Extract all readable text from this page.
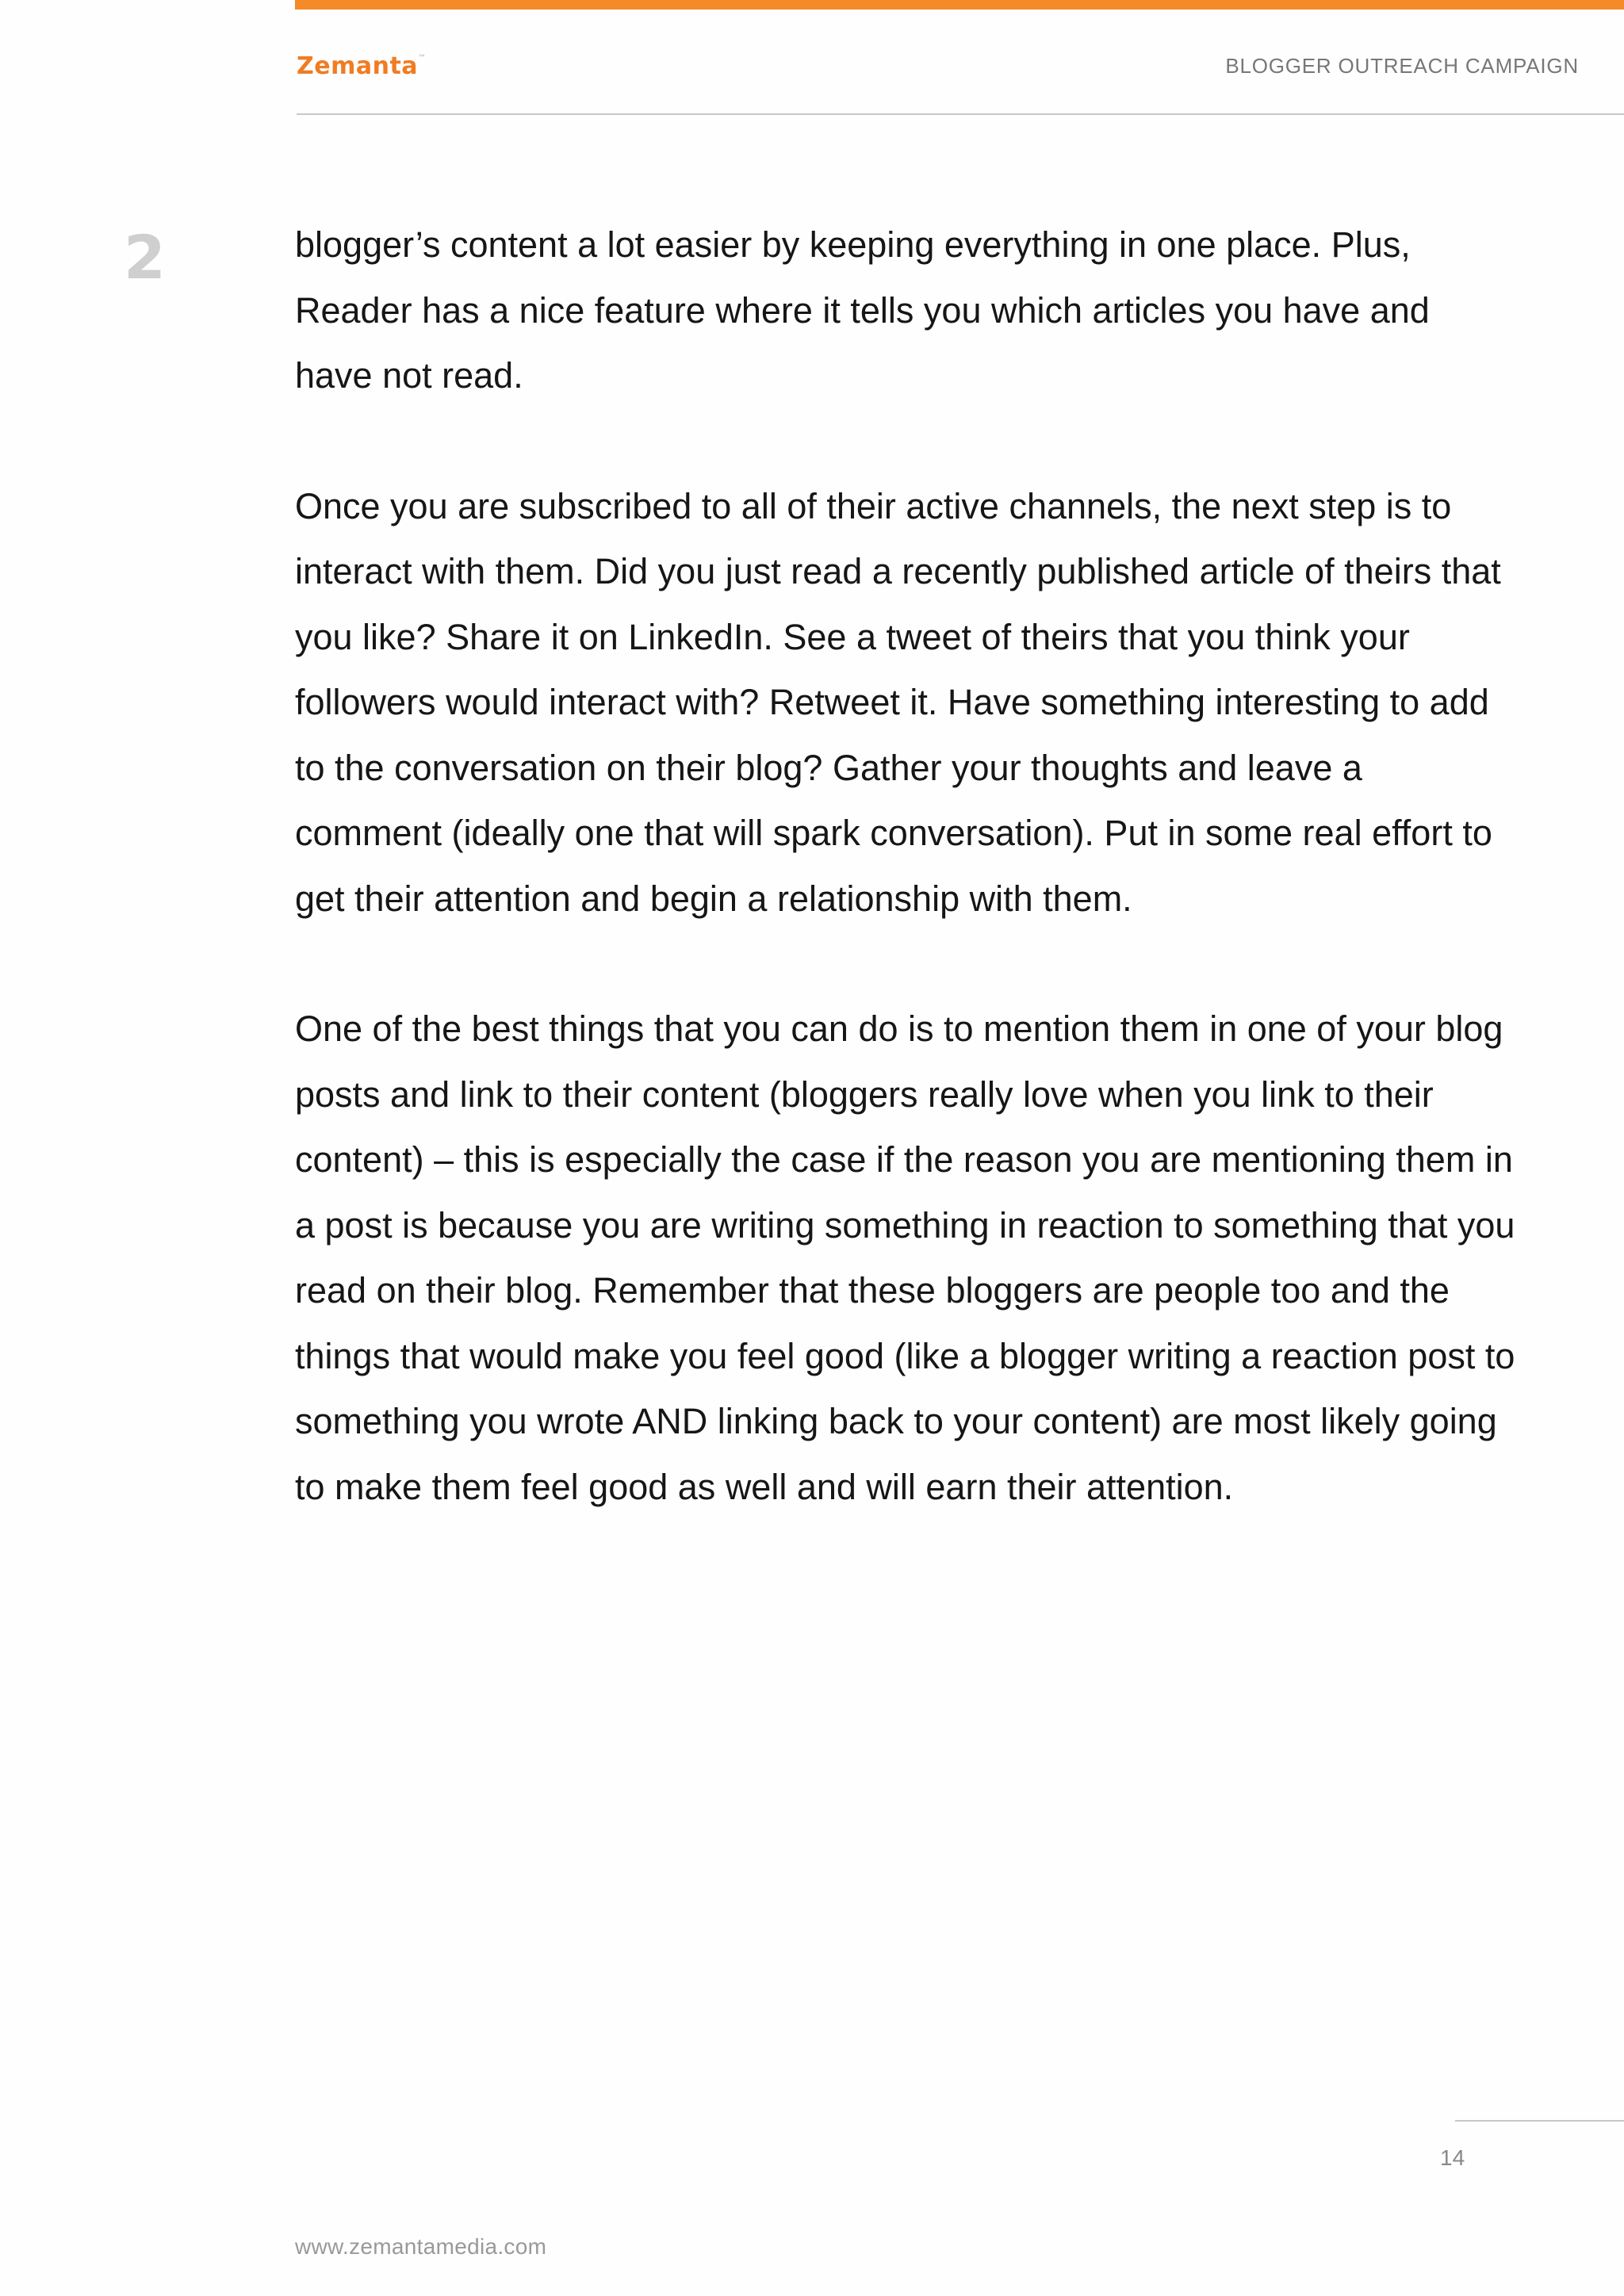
Zemanta™	BLOGGER OUTREACH CAMPAIGN
2	blogger’s content a lot easier by keeping everything in one place. Plus, Reader has a nice feature where it tells you which articles you have and have not read.

Once you are subscribed to all of their active channels, the next step is to interact with them. Did you just read a recently published article of theirs that you like? Share it on LinkedIn. See a tweet of theirs that you think your followers would interact with? Retweet it. Have something interesting to add to the conversation on their blog? Gather your thoughts and leave a comment (ideally one that will spark conversation). Put in some real effort to get their attention and begin a relationship with them.

One of the best things that you can do is to mention them in one of your blog posts and link to their content (bloggers really love when you link to their content) – this is especially the case if the reason you are mentioning them in a post is because you are writing something in reaction to something that you read on their blog. Remember that these bloggers are people too and the things that would make you feel good (like a blogger writing a reaction post to something you wrote AND linking back to your content) are most likely going to make them feel good as well and will earn their attention.

14
www.zemantamedia.com
